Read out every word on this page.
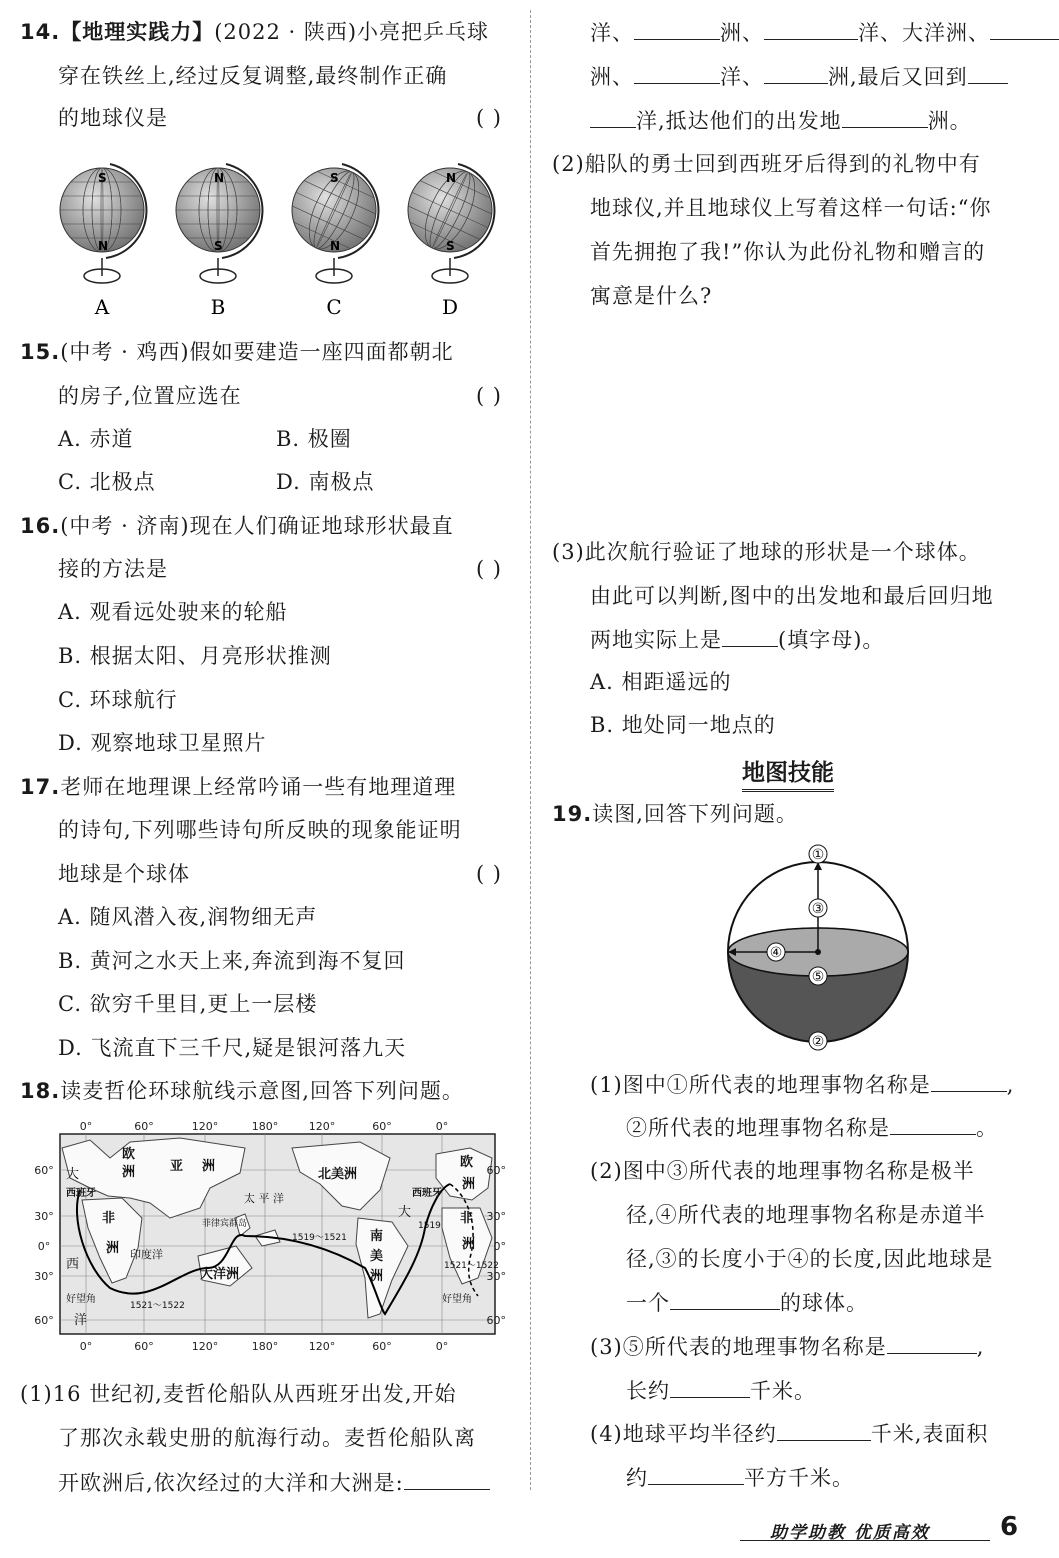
14.【地理实践力】(2022 · 陕西)小亮把乒乓球
穿在铁丝上,经过反复调整,最终制作正确
的地球仪是	( )
S
N
A
N
S
B
S
N
C
N
S
D
15.(中考 · 鸡西)假如要建造一座四面都朝北
的房子,位置应选在	( )
A. 赤道	B. 极圈
C. 北极点	D. 南极点
16.(中考 · 济南)现在人们确证地球形状最直
接的方法是	( )
A. 观看远处驶来的轮船
B. 根据太阳、月亮形状推测
C. 环球航行
D. 观察地球卫星照片
17.老师在地理课上经常吟诵一些有地理道理
的诗句,下列哪些诗句所反映的现象能证明
地球是个球体	( )
A. 随风潜入夜,润物细无声
B. 黄河之水天上来,奔流到海不复回
C. 欲穷千里目,更上一层楼
D. 飞流直下三千尺,疑是银河落九天
18.读麦哲伦环球航线示意图,回答下列问题。
0°	60°	120°	180°	120°	60°	0°
0°	60°	120°	180°	120°	60°	0°
60°
30°
0°
30°
60°
60°
30°
0°
30°
60°
欧
洲	亚 洲
北美洲
太 平 洋
菲律宾群岛
西班牙	西班牙
非
洲
非
洲
欧
洲
印度洋
大洋洲
南
美
洲
大
西
洋
大
好望角	好望角
1519～1521
1521～1522
1519
1521～1522
(1)16 世纪初,麦哲伦船队从西班牙出发,开始
了那次永载史册的航海行动。麦哲伦船队离
开欧洲后,依次经过的大洋和大洲是:
洋、	洲、	洋、大洋洲、
洲、	洋、	洲,最后又回到
洋,抵达他们的出发地	洲。
(2)船队的勇士回到西班牙后得到的礼物中有
地球仪,并且地球仪上写着这样一句话:“你
首先拥抱了我!”你认为此份礼物和赠言的
寓意是什么?
(3)此次航行验证了地球的形状是一个球体。
由此可以判断,图中的出发地和最后回归地
两地实际上是	(填字母)。
A. 相距遥远的
B. 地处同一地点的
地图技能
19.读图,回答下列问题。
①
③
④
⑤
②
(1)图中①所代表的地理事物名称是	,
②所代表的地理事物名称是	。
(2)图中③所代表的地理事物名称是极半
径,④所代表的地理事物名称是赤道半
径,③的长度小于④的长度,因此地球是
一个	的球体。
(3)⑤所代表的地理事物名称是	,
长约	千米。
(4)地球平均半径约	千米,表面积
约	平方千米。
助学助教 优质高效	6
